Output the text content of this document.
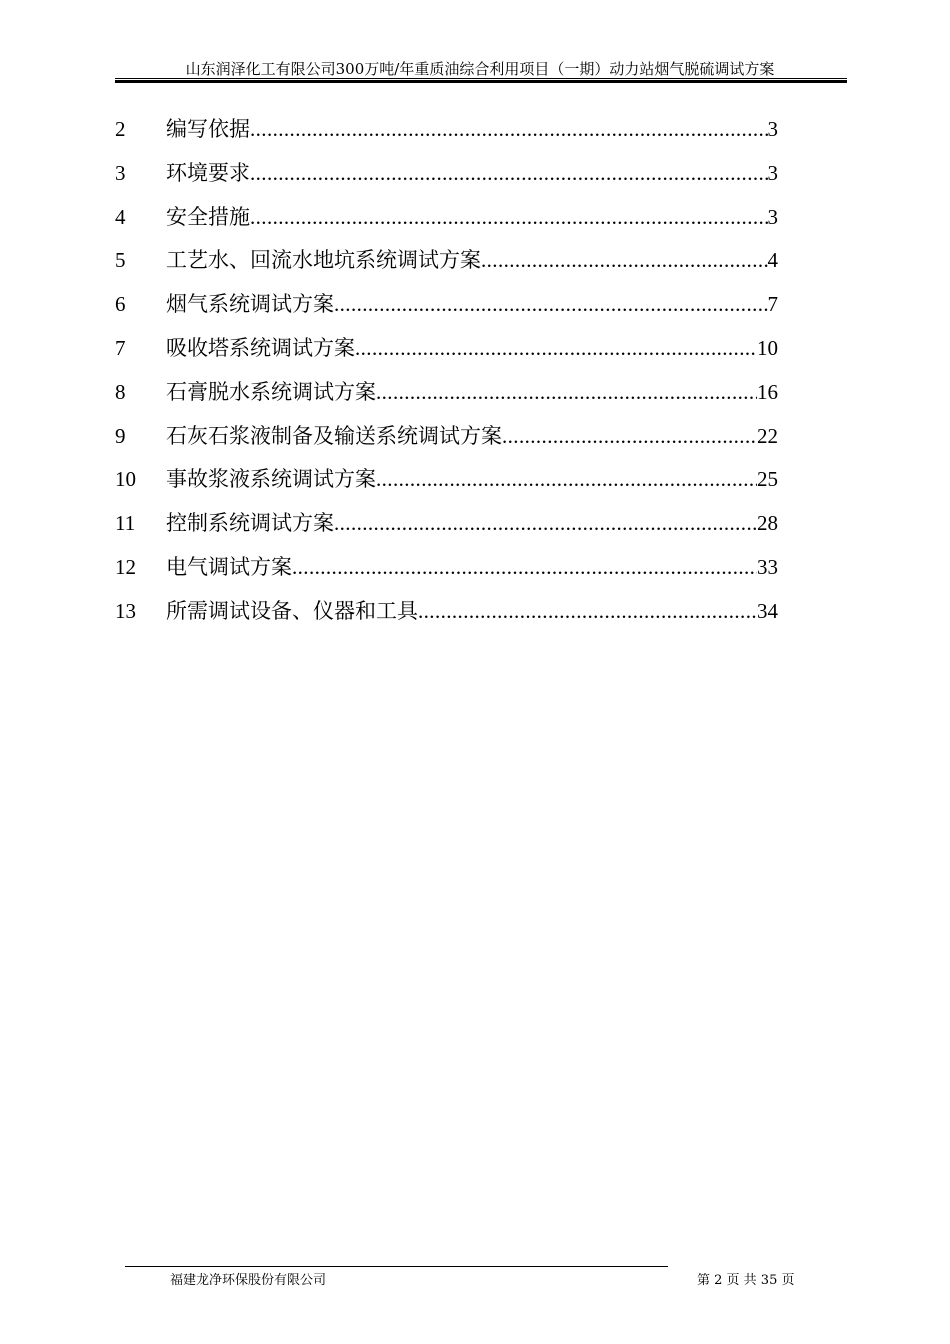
山东润泽化工有限公司300万吨/年重质油综合利用项目（一期）动力站烟气脱硫调试方案
2	编写依据 .....	3
3	环境要求 .....	3
4	安全措施 .....	3
5	工艺水、回流水地坑系统调试方案 .....	4
6	烟气系统调试方案 .....	7
7	吸收塔系统调试方案 .....	10
8	石膏脱水系统调试方案 .....	16
9	石灰石浆液制备及输送系统调试方案 .....	22
10	事故浆液系统调试方案 .....	25
11	控制系统调试方案 .....	28
12	电气调试方案 .....	33
13	所需调试设备、仪器和工具 .....	34
福建龙净环保股份有限公司	第 2 页 共 35 页
